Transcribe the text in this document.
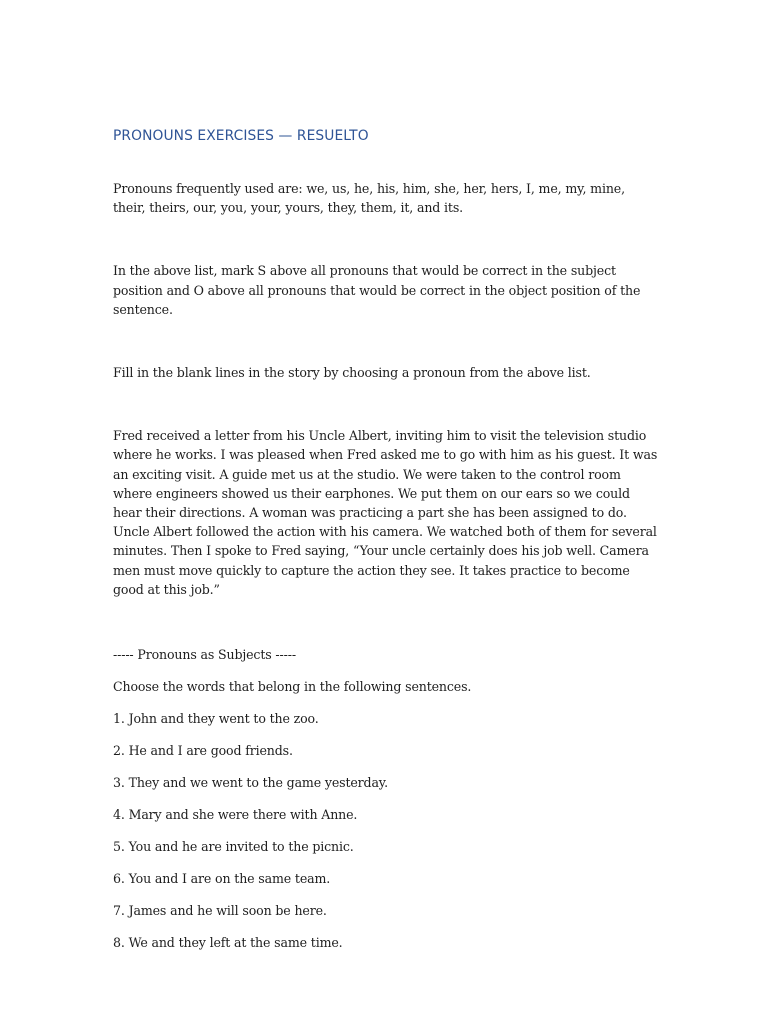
PRONOUNS EXERCISES — RESUELTO

Pronouns frequently used are: we, us, he, his, him, she, her, hers, I, me, my, mine, their, theirs, our, you, your, yours, they, them, it, and its.

In the above list, mark S above all pronouns that would be correct in the subject position and O above all pronouns that would be correct in the object position of the sentence.

Fill in the blank lines in the story by choosing a pronoun from the above list.

Fred received a letter from his Uncle Albert, inviting him to visit the television studio where he works. I was pleased when Fred asked me to go with him as his guest. It was an exciting visit. A guide met us at the studio. We were taken to the control room where engineers showed us their earphones. We put them on our ears so we could hear their directions. A woman was practicing a part she has been assigned to do. Uncle Albert followed the action with his camera. We watched both of them for several minutes. Then I spoke to Fred saying, “Your uncle certainly does his job well. Camera men must move quickly to capture the action they see. It takes practice to become good at this job.”

----- Pronouns as Subjects -----

Choose the words that belong in the following sentences.

1. John and they went to the zoo.

2. He and I are good friends.

3. They and we went to the game yesterday.

4. Mary and she were there with Anne.

5. You and he are invited to the picnic.

6. You and I are on the same team.

7. James and he will soon be here.

8. We and they left at the same time.
